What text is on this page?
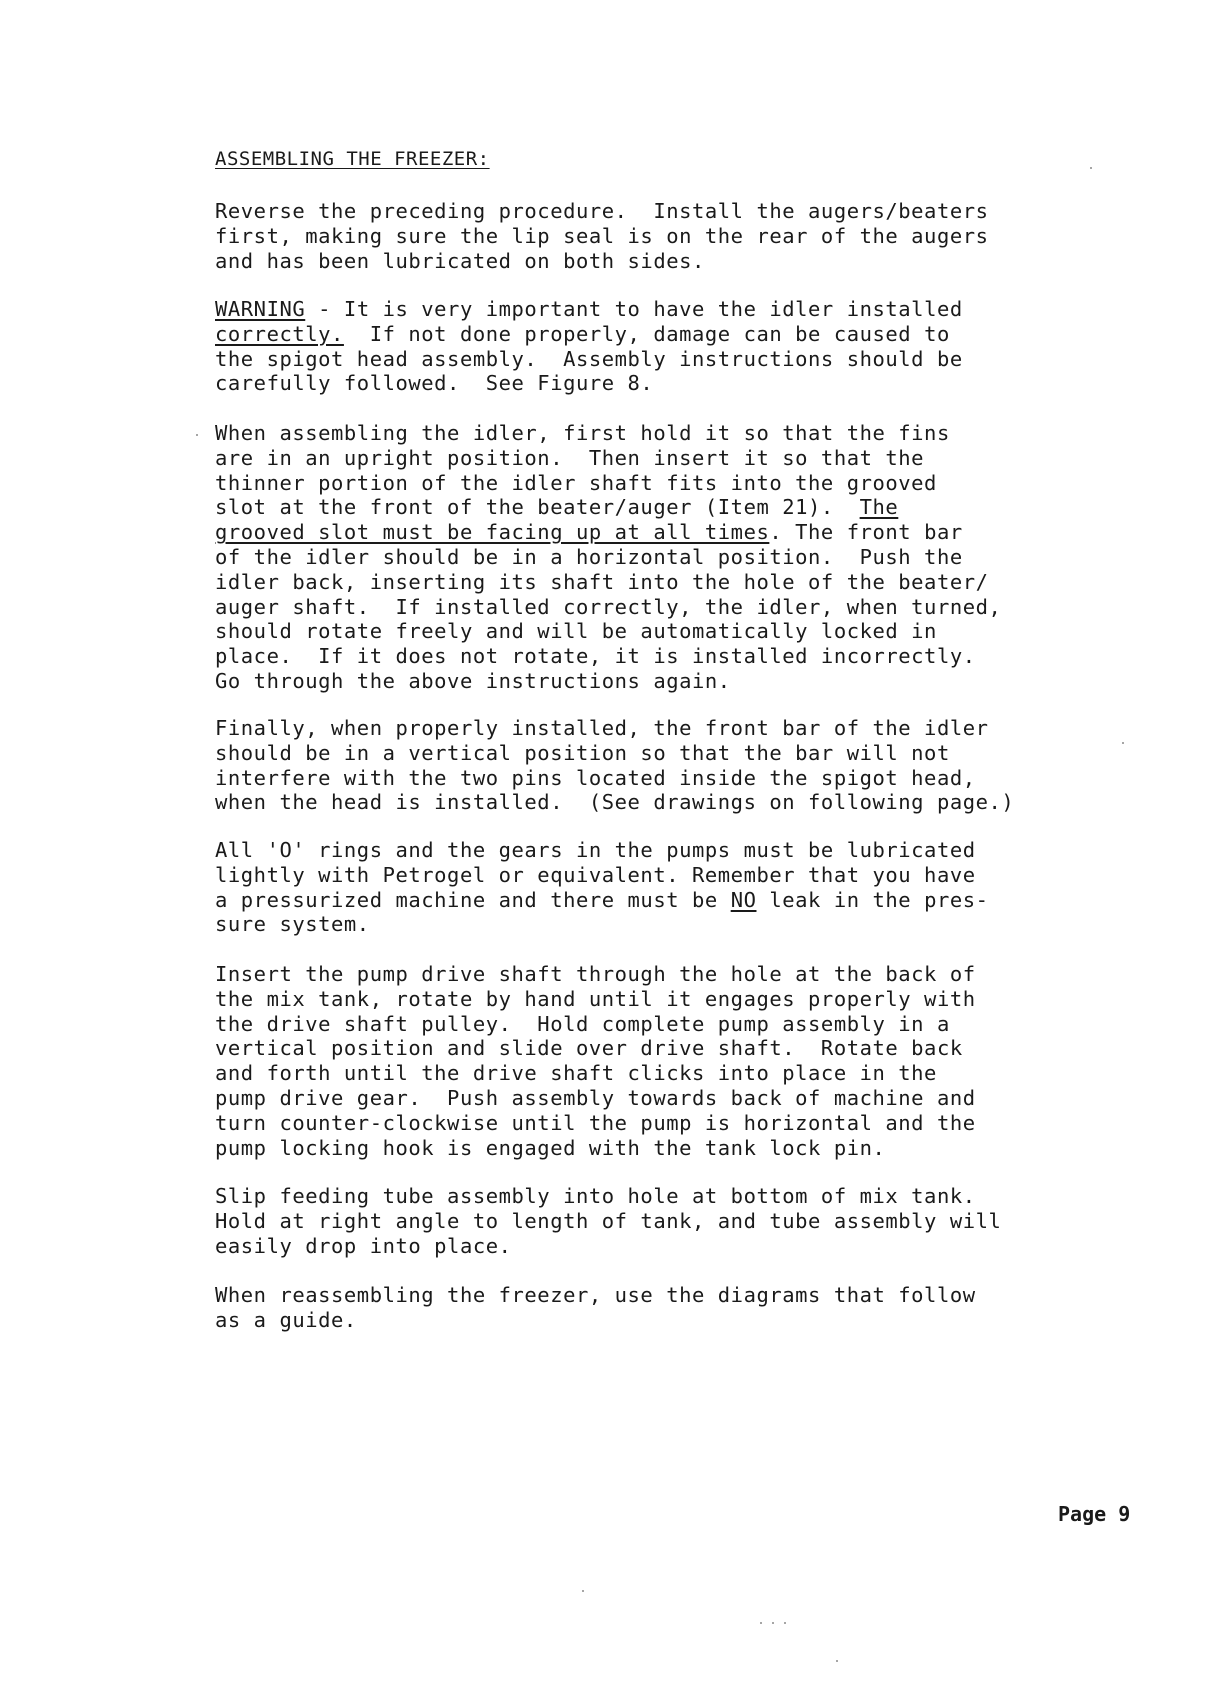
ASSEMBLING THE FREEZER:
Reverse the preceding procedure.  Install the augers/beaters
first, making sure the lip seal is on the rear of the augers
and has been lubricated on both sides.
WARNING - It is very important to have the idler installed
correctly.  If not done properly, damage can be caused to
the spigot head assembly.  Assembly instructions should be
carefully followed.  See Figure 8.
When assembling the idler, first hold it so that the fins
are in an upright position.  Then insert it so that the
thinner portion of the idler shaft fits into the grooved
slot at the front of the beater/auger (Item 21).  The
grooved slot must be facing up at all times. The front bar
of the idler should be in a horizontal position.  Push the
idler back, inserting its shaft into the hole of the beater/
auger shaft.  If installed correctly, the idler, when turned,
should rotate freely and will be automatically locked in
place.  If it does not rotate, it is installed incorrectly.
Go through the above instructions again.
Finally, when properly installed, the front bar of the idler
should be in a vertical position so that the bar will not
interfere with the two pins located inside the spigot head,
when the head is installed.  (See drawings on following page.)
All 'O' rings and the gears in the pumps must be lubricated
lightly with Petrogel or equivalent. Remember that you have
a pressurized machine and there must be NO leak in the pres-
sure system.
Insert the pump drive shaft through the hole at the back of
the mix tank, rotate by hand until it engages properly with
the drive shaft pulley.  Hold complete pump assembly in a
vertical position and slide over drive shaft.  Rotate back
and forth until the drive shaft clicks into place in the
pump drive gear.  Push assembly towards back of machine and
turn counter-clockwise until the pump is horizontal and the
pump locking hook is engaged with the tank lock pin.
Slip feeding tube assembly into hole at bottom of mix tank.
Hold at right angle to length of tank, and tube assembly will
easily drop into place.
When reassembling the freezer, use the diagrams that follow
as a guide.
Page 9
